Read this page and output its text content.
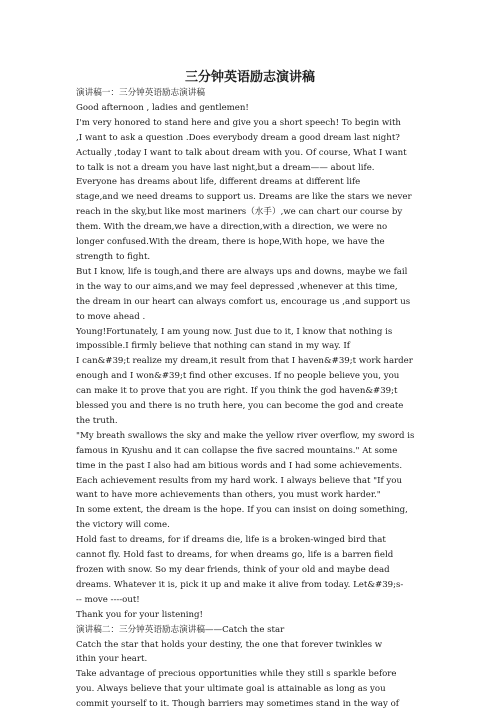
三分钟英语励志演讲稿

演讲稿一：三分钟英语励志演讲稿

Good afternoon , ladies and gentlemen!

I'm very honored to stand here and give you a short speech! To begin with

,I want to ask a question .Does everybody dream a good dream last night?

Actually ,today I want to talk about dream with you. Of course, What I want

to talk is not a dream you have last night,but a dream—— about life.

Everyone has dreams about life, different dreams at different life

stage,and we need dreams to support us. Dreams are like the stars we never

reach in the sky,but like most mariners（水手）,we can chart our course by

them. With the dream,we have a direction,with a direction, we were no

longer confused.With the dream, there is hope,With hope, we have the

strength to fight.

But I know, life is tough,and there are always ups and downs, maybe we fail

in the way to our aims,and we may feel depressed ,whenever at this time,

the dream in our heart can always comfort us, encourage us ,and support us

to move ahead .

Young!Fortunately, I am young now. Just due to it, I know that nothing is

impossible.I firmly believe that nothing can stand in my way. If

I can&#39;t realize my dream,it result from that I haven&#39;t work harder

enough and I won&#39;t find other excuses. If no people believe you, you

can make it to prove that you are right. If you think the god haven&#39;t

blessed you and there is no truth here, you can become the god and create

the truth.

"My breath swallows the sky and make the yellow river overflow, my sword is

famous in Kyushu and it can collapse the five sacred mountains." At some

time in the past I also had am bitious words and I had some achievements.

Each achievement results from my hard work. I always believe that "If you

want to have more achievements than others, you must work harder."

In some extent, the dream is the hope. If you can insist on doing something,

the victory will come.

Hold fast to dreams, for if dreams die, life is a broken-winged bird that

cannot fly. Hold fast to dreams, for when dreams go, life is a barren field

frozen with snow. So my dear friends, think of your old and maybe dead

dreams. Whatever it is, pick it up and make it alive from today. Let&#39;s-

-- move ----out!

Thank you for your listening!

演讲稿二：三分钟英语励志演讲稿——Catch the star

Catch the star that holds your destiny, the one that forever twinkles w

ithin your heart.

Take advantage of precious opportunities while they still s sparkle before

you. Always believe that your ultimate goal is attainable as long as you

commit yourself to it. Though barriers may sometimes stand in the way of
